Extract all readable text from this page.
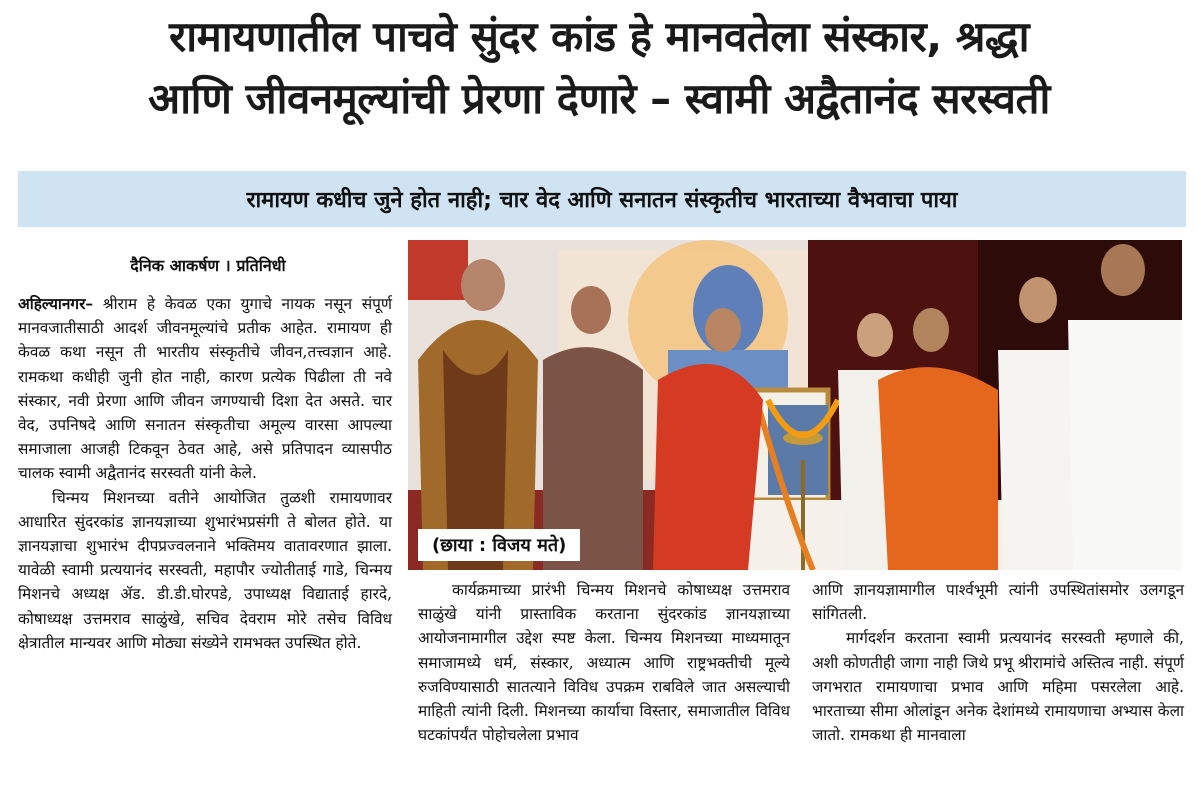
रामायणातील पाचवे सुंदर कांड हे मानवतेला संस्कार, श्रद्धा
आणि जीवनमूल्यांची प्रेरणा देणारे – स्वामी अद्वैतानंद सरस्वती
रामायण कधीच जुने होत नाही; चार वेद आणि सनातन संस्कृतीच भारताच्या वैभवाचा पाया
दैनिक आकर्षण । प्रतिनिधी

अहिल्यानगर– श्रीराम हे केवळ एका युगाचे नायक नसून संपूर्ण मानवजातीसाठी आदर्श जीवनमूल्यांचे प्रतीक आहेत. रामायण ही केवळ कथा नसून ती भारतीय संस्कृतीचे जीवन,तत्त्वज्ञान आहे. रामकथा कधीही जुनी होत नाही, कारण प्रत्येक पिढीला ती नवे संस्कार, नवी प्रेरणा आणि जीवन जगण्याची दिशा देत असते. चार वेद, उपनिषदे आणि सनातन संस्कृतीचा अमूल्य वारसा आपल्या समाजाला आजही टिकवून ठेवत आहे, असे प्रतिपादन व्यासपीठ चालक स्वामी अद्वैतानंद सरस्वती यांनी केले.

चिन्मय मिशनच्या वतीने आयोजित तुळशी रामायणावर आधारित सुंदरकांड ज्ञानयज्ञाच्या शुभारंभप्रसंगी ते बोलत होते. या ज्ञानयज्ञाचा शुभारंभ दीपप्रज्वलनाने भक्तिमय वातावरणात झाला. यावेळी स्वामी प्रत्ययानंद सरस्वती, महापौर ज्योतीताई गाडे, चिन्मय मिशनचे अध्यक्ष ॲड. डी.डी.घोरपडे, उपाध्यक्ष विद्याताई हारदे, कोषाध्यक्ष उत्तमराव साळुंखे, सचिव देवराम मोरे तसेच विविध क्षेत्रातील मान्यवर आणि मोठ्या संख्येने रामभक्त उपस्थित होते.

(छाया : विजय मते)

कार्यक्रमाच्या प्रारंभी चिन्मय मिशनचे कोषाध्यक्ष उत्तमराव साळुंखे यांनी प्रास्ताविक करताना सुंदरकांड ज्ञानयज्ञाच्या आयोजनामागील उद्देश स्पष्ट केला. चिन्मय मिशनच्या माध्यमातून समाजामध्ये धर्म, संस्कार, अध्यात्म आणि राष्ट्रभक्तीची मूल्ये रुजविण्यासाठी सातत्याने विविध उपक्रम राबविले जात असल्याची माहिती त्यांनी दिली. मिशनच्या कार्याचा विस्तार, समाजातील विविध घटकांपर्यंत पोहोचलेला प्रभाव

आणि ज्ञानयज्ञामागील पार्श्वभूमी त्यांनी उपस्थितांसमोर उलगडून सांगितली.

मार्गदर्शन करताना स्वामी प्रत्ययानंद सरस्वती म्हणाले की, अशी कोणतीही जागा नाही जिथे प्रभू श्रीरामांचे अस्तित्व नाही. संपूर्ण जगभरात रामायणाचा प्रभाव आणि महिमा पसरलेला आहे. भारताच्या सीमा ओलांडून अनेक देशांमध्ये रामायणाचा अभ्यास केला जातो. रामकथा ही मानवाला
